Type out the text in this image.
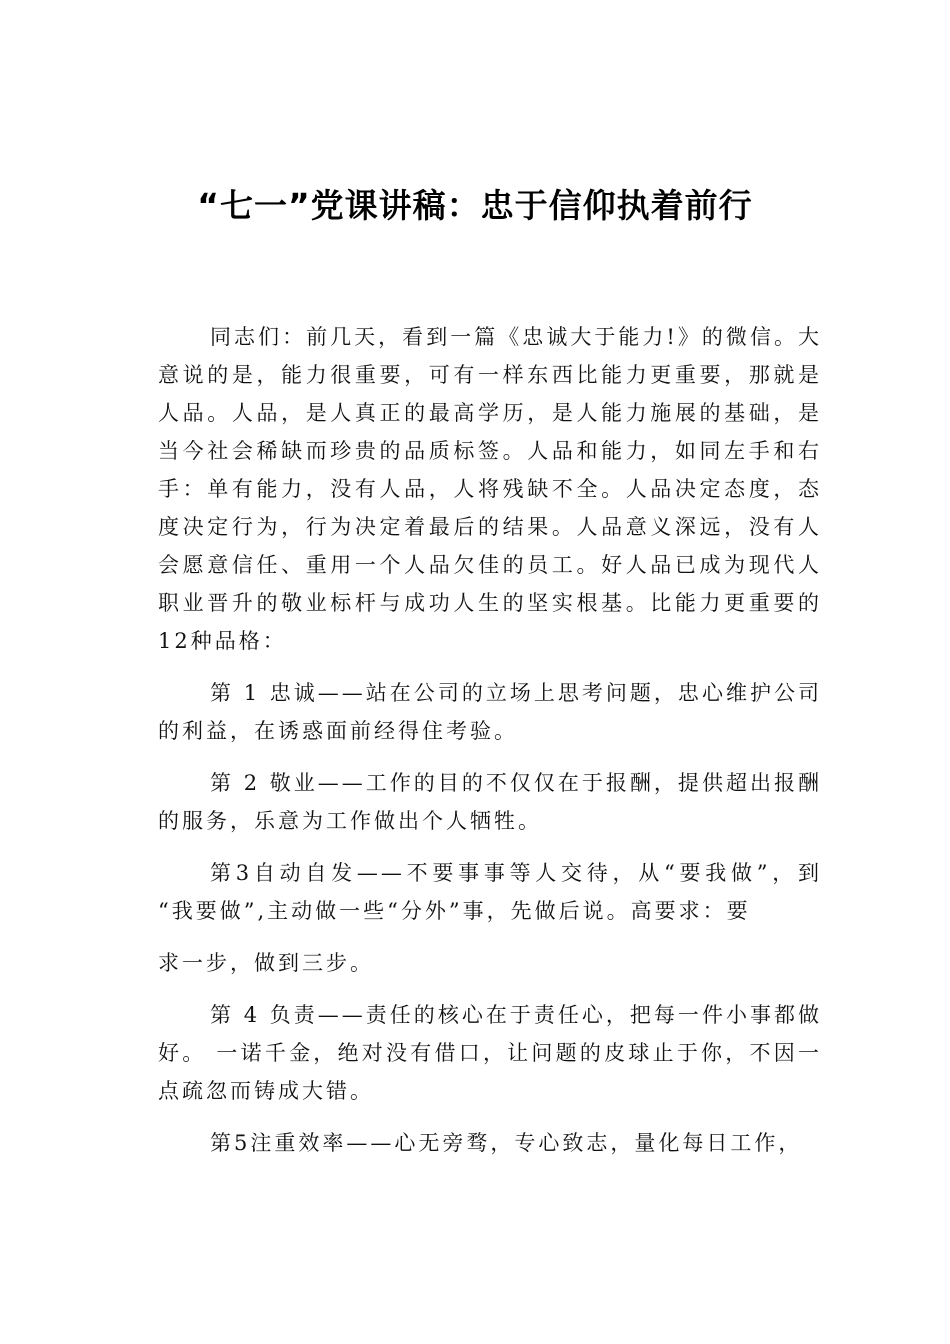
“七一”党课讲稿：忠于信仰执着前行

同志们：前几天，看到一篇《忠诚大于能力!》的微信。大意说的是，能力很重要，可有一样东西比能力更重要，那就是人品。人品，是人真正的最高学历，是人能力施展的基础，是当今社会稀缺而珍贵的品质标签。人品和能力，如同左手和右手：单有能力，没有人品，人将残缺不全。人品决定态度，态度决定行为，行为决定着最后的结果。人品意义深远，没有人会愿意信任、重用一个人品欠佳的员工。好人品已成为现代人职业晋升的敬业标杆与成功人生的坚实根基。比能力更重要的12种品格：

第 1 忠诚——站在公司的立场上思考问题，忠心维护公司的利益，在诱惑面前经得住考验。

第 2 敬业——工作的目的不仅仅在于报酬，提供超出报酬的服务，乐意为工作做出个人牺牲。

第3自动自发——不要事事等人交待，从“要我做”，到 “我要做”,主动做一些“分外”事，先做后说。高要求：要

求一步，做到三步。

第 4 负责——责任的核心在于责任心，把每一件小事都做好。 一诺千金，绝对没有借口，让问题的皮球止于你，不因一点疏忽而铸成大错。

第5注重效率——心无旁骛，专心致志，量化每日工作，
